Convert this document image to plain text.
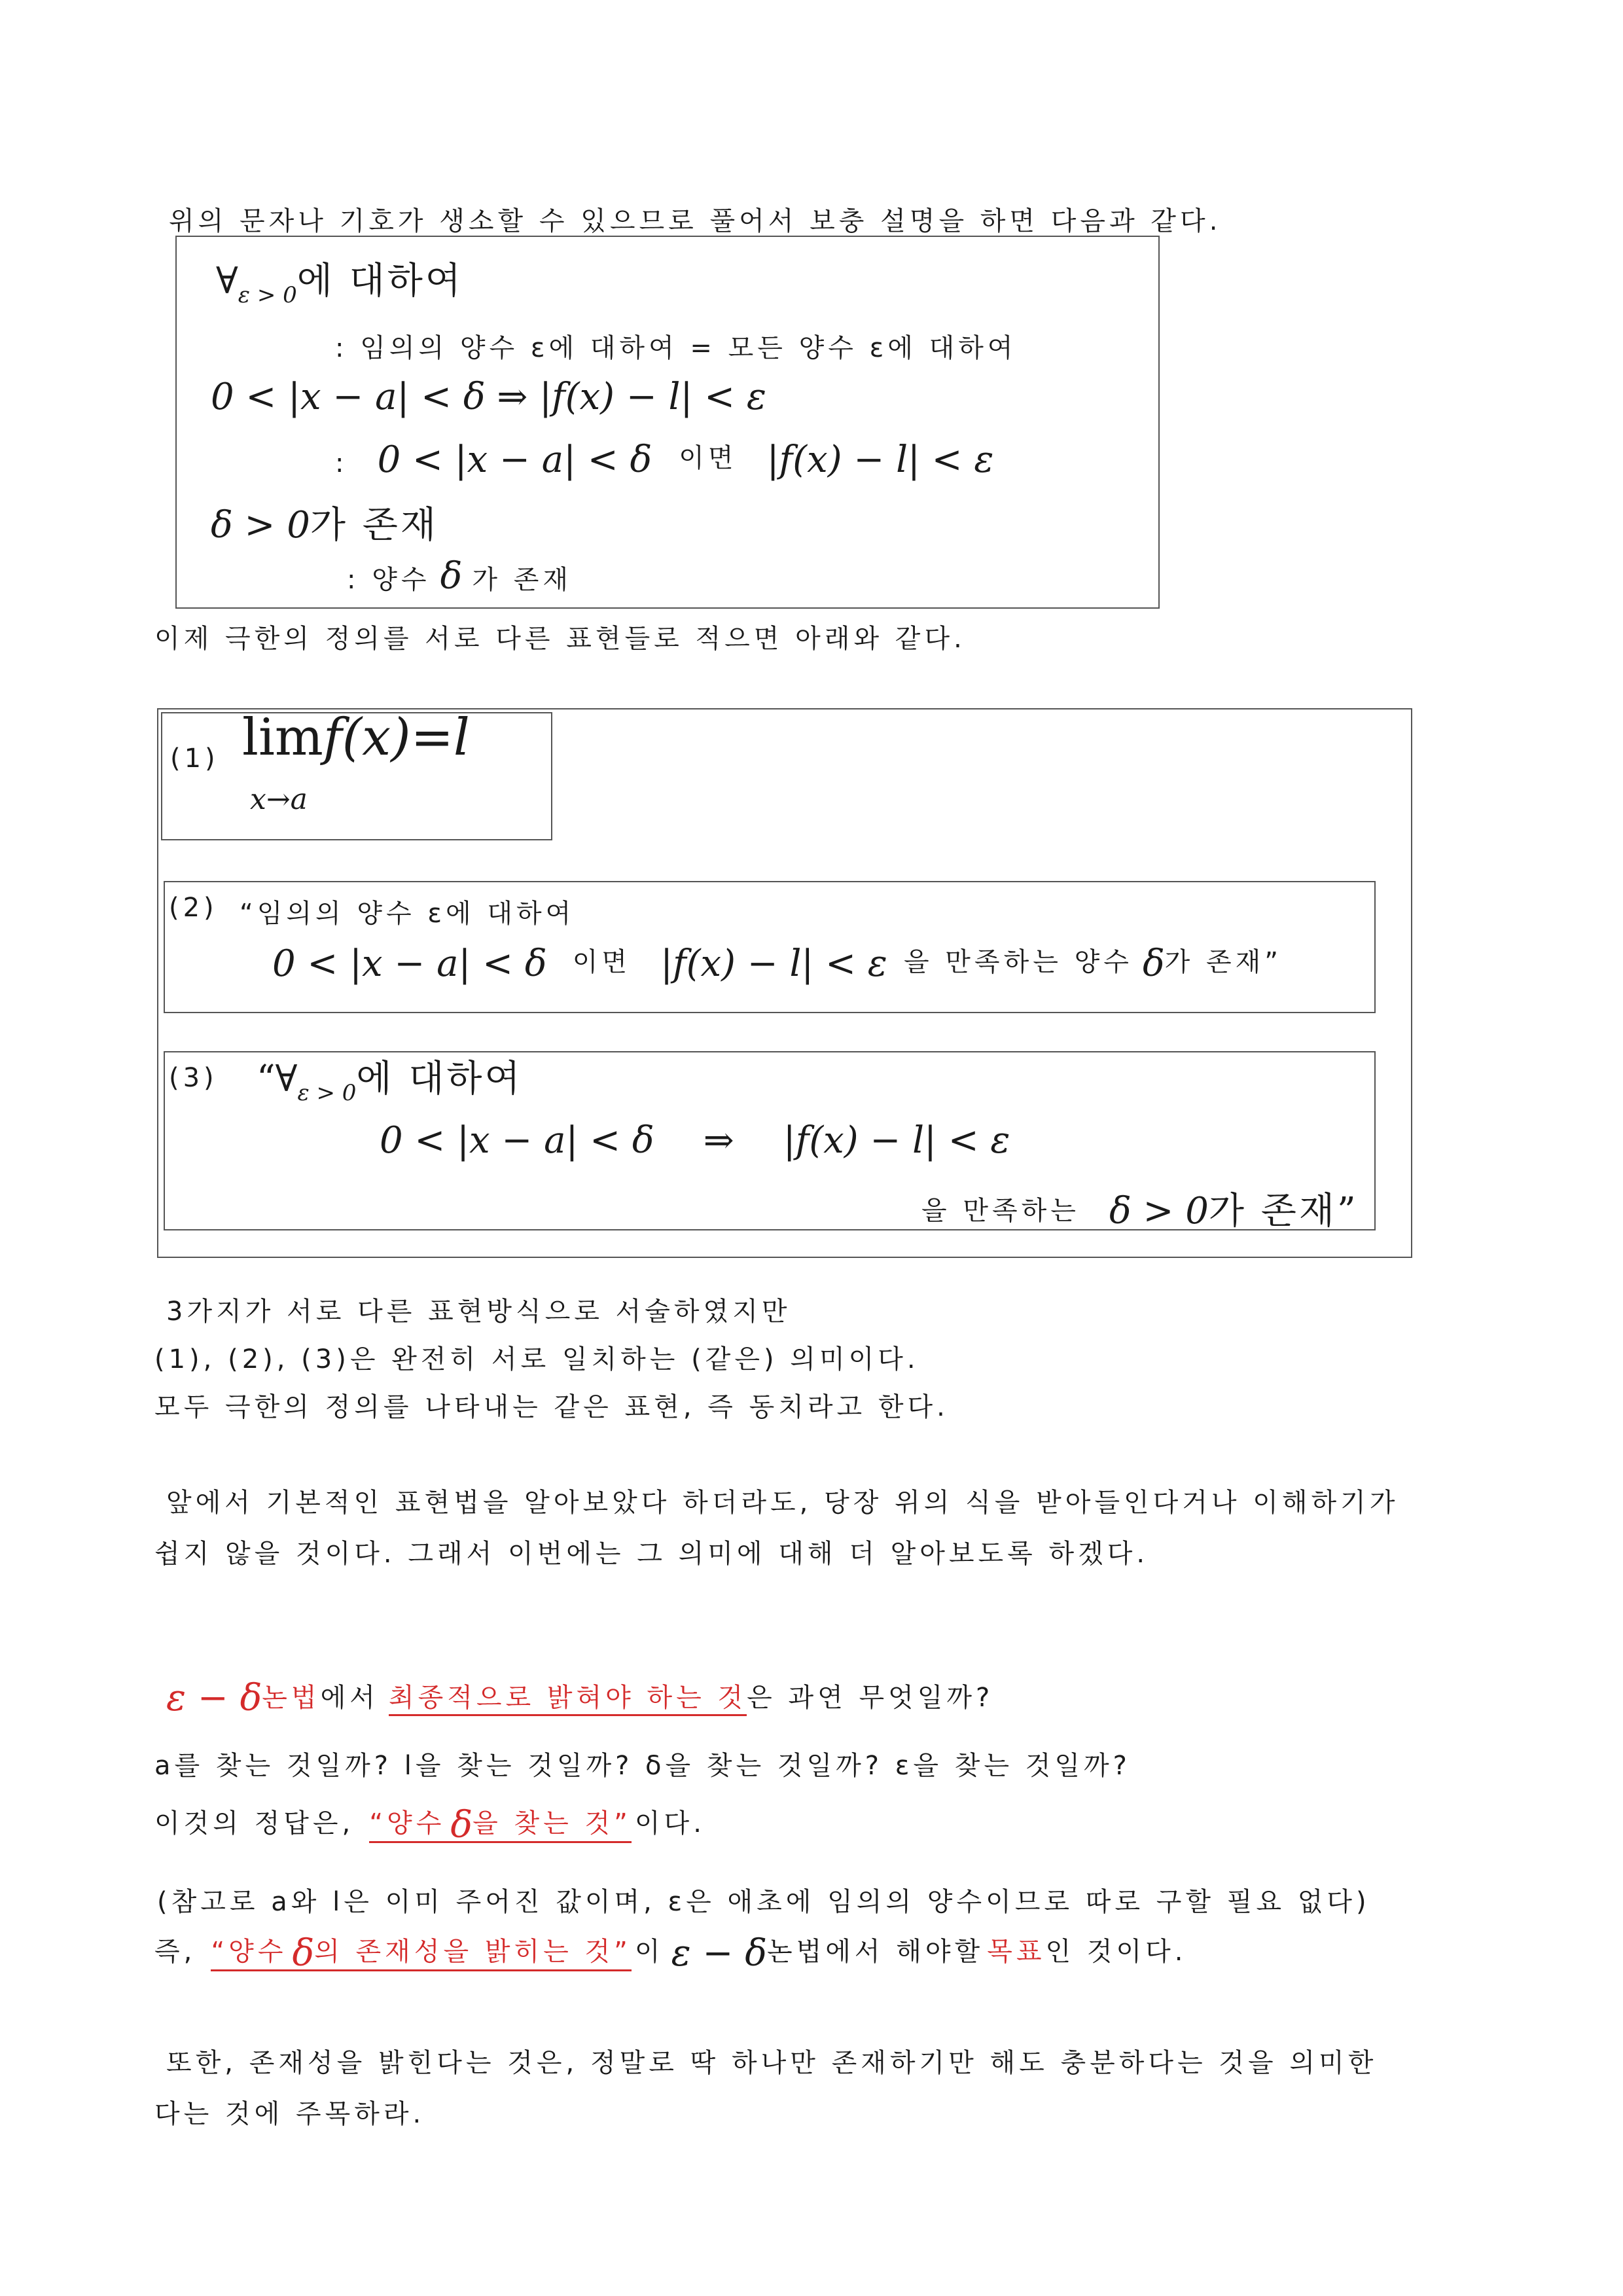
위의 문자나 기호가 생소할 수 있으므로 풀어서 보충 설명을 하면 다음과 같다.
∀ε > 0에 대하여
: 임의의 양수 ε에 대하여 = 모든 양수 ε에 대하여
0 < |x − a| < δ ⇒ |f(x) − l| < ε
: 0 < |x − a| < δ 이면 |f(x) − l| < ε
δ > 0가 존재
: 양수 δ 가 존재
이제 극한의 정의를 서로 다른 표현들로 적으면 아래와 같다.
(1) limf(x)=l
x→a
(2) “임의의 양수 ε에 대하여
0 < |x − a| < δ 이면 |f(x) − l| < ε 을 만족하는 양수 δ가 존재”
(3) “∀ε > 0에 대하여
0 < |x − a| < δ ⇒ |f(x) − l| < ε
을 만족하는 δ > 0가 존재”
3가지가 서로 다른 표현방식으로 서술하였지만
(1), (2), (3)은 완전히 서로 일치하는 (같은) 의미이다.
모두 극한의 정의를 나타내는 같은 표현, 즉 동치라고 한다.
앞에서 기본적인 표현법을 알아보았다 하더라도, 당장 위의 식을 받아들인다거나 이해하기가
쉽지 않을 것이다. 그래서 이번에는 그 의미에 대해 더 알아보도록 하겠다.
ε − δ논법에서 최종적으로 밝혀야 하는 것은 과연 무엇일까?
a를 찾는 것일까? l을 찾는 것일까? δ을 찾는 것일까? ε을 찾는 것일까?
이것의 정답은, “양수 δ을 찾는 것” 이다.
(참고로 a와 l은 이미 주어진 값이며, ε은 애초에 임의의 양수이므로 따로 구할 필요 없다)
즉, “양수 δ의 존재성을 밝히는 것” 이 ε − δ논법에서 해야할 목표인 것이다.
또한, 존재성을 밝힌다는 것은, 정말로 딱 하나만 존재하기만 해도 충분하다는 것을 의미한
다는 것에 주목하라.
